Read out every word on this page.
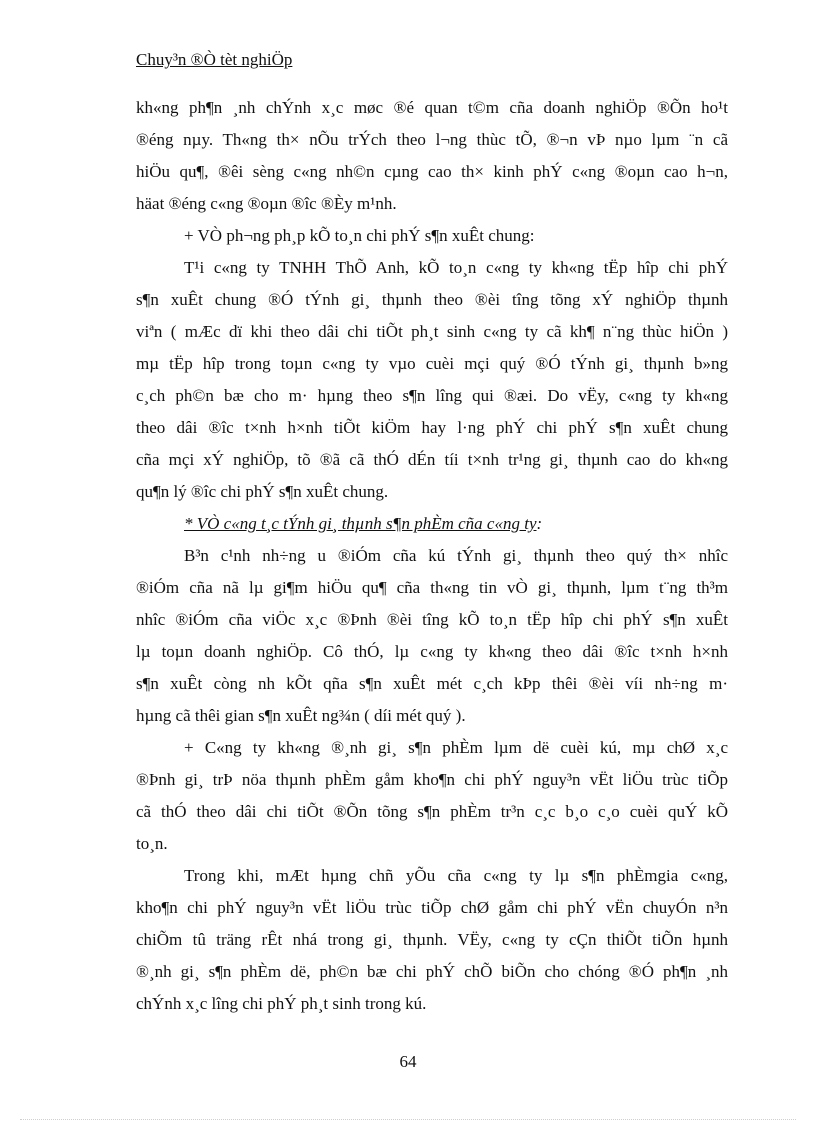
Chuy³n ®Ò tèt nghiÖp
kh«ng ph¶n ¸nh chÝnh x¸c møc ®é quan t©m cña doanh nghiÖp ®Õn ho¹t
®éng nµy. Th«ng th× nÕu trÝch theo l¬ng thùc tÕ, ®¬n vÞ nµo lµm ¨n cã
hiÖu qu¶, ®êi sèng c«ng nh©n cµng cao th× kinh phÝ c«ng ®oµn cao h¬n,
häat ®éng c«ng ®oµn ®îc ®Èy m¹nh.
+ VÒ ph¬ng ph¸p kÕ to¸n chi phÝ s¶n xuÊt chung:
T¹i c«ng ty TNHH ThÕ Anh, kÕ to¸n c«ng ty kh«ng tËp hîp chi phÝ
s¶n xuÊt chung ®Ó tÝnh gi¸ thµnh theo ®èi tîng tõng xÝ nghiÖp thµnh
viªn ( mÆc dï khi theo dâi chi tiÕt ph¸t sinh c«ng ty cã kh¶ n¨ng thùc hiÖn )
mµ tËp hîp trong toµn c«ng ty vµo cuèi mçi quý ®Ó tÝnh gi¸ thµnh b»ng
c¸ch ph©n bæ cho m· hµng theo s¶n lîng qui ®æi. Do vËy, c«ng ty kh«ng
theo dâi ®îc t×nh h×nh tiÕt kiÖm hay l·ng phÝ chi phÝ s¶n xuÊt chung
cña mçi xÝ nghiÖp, tõ ®ã cã thÓ dÉn tíi t×nh tr¹ng gi¸ thµnh cao do kh«ng
qu¶n lý ®îc chi phÝ s¶n xuÊt chung.
* VÒ c«ng t¸c tÝnh gi¸ thµnh s¶n phÈm cña c«ng ty:
B³n c¹nh nh÷ng u ®iÓm cña kú tÝnh gi¸ thµnh theo quý th× nhîc
®iÓm cña nã lµ gi¶m hiÖu qu¶ cña th«ng tin vÒ gi¸ thµnh, lµm t¨ng th³m
nhîc ®iÓm cña viÖc x¸c ®Þnh ®èi tîng kÕ to¸n tËp hîp chi phÝ s¶n xuÊt
lµ toµn doanh nghiÖp. Cô thÓ, lµ c«ng ty kh«ng theo dâi ®îc t×nh h×nh
s¶n xuÊt còng nh kÕt qña s¶n xuÊt mét c¸ch kÞp thêi ®èi víi nh÷ng m·
hµng cã thêi gian s¶n xuÊt ng¾n ( díi mét quý ).
+ C«ng ty kh«ng ®¸nh gi¸ s¶n phÈm lµm dë cuèi kú, mµ chØ x¸c
®Þnh gi¸ trÞ nöa thµnh phÈm gåm kho¶n chi phÝ nguy³n vËt liÖu trùc tiÕp
cã thÓ theo dâi chi tiÕt ®Õn tõng s¶n phÈm tr³n c¸c b¸o c¸o cuèi quÝ kÕ
to¸n.
Trong khi, mÆt hµng chñ yÕu cña c«ng ty lµ s¶n phÈmgia c«ng,
kho¶n chi phÝ nguy³n vËt liÖu trùc tiÕp chØ gåm chi phÝ vËn chuyÓn n³n
chiÕm tû träng rÊt nhá trong gi¸ thµnh. VËy, c«ng ty cÇn thiÕt tiÕn hµnh
®¸nh gi¸ s¶n phÈm dë, ph©n bæ chi phÝ chÕ biÕn cho chóng ®Ó ph¶n ¸nh
chÝnh x¸c lîng chi phÝ ph¸t sinh trong kú.
64
